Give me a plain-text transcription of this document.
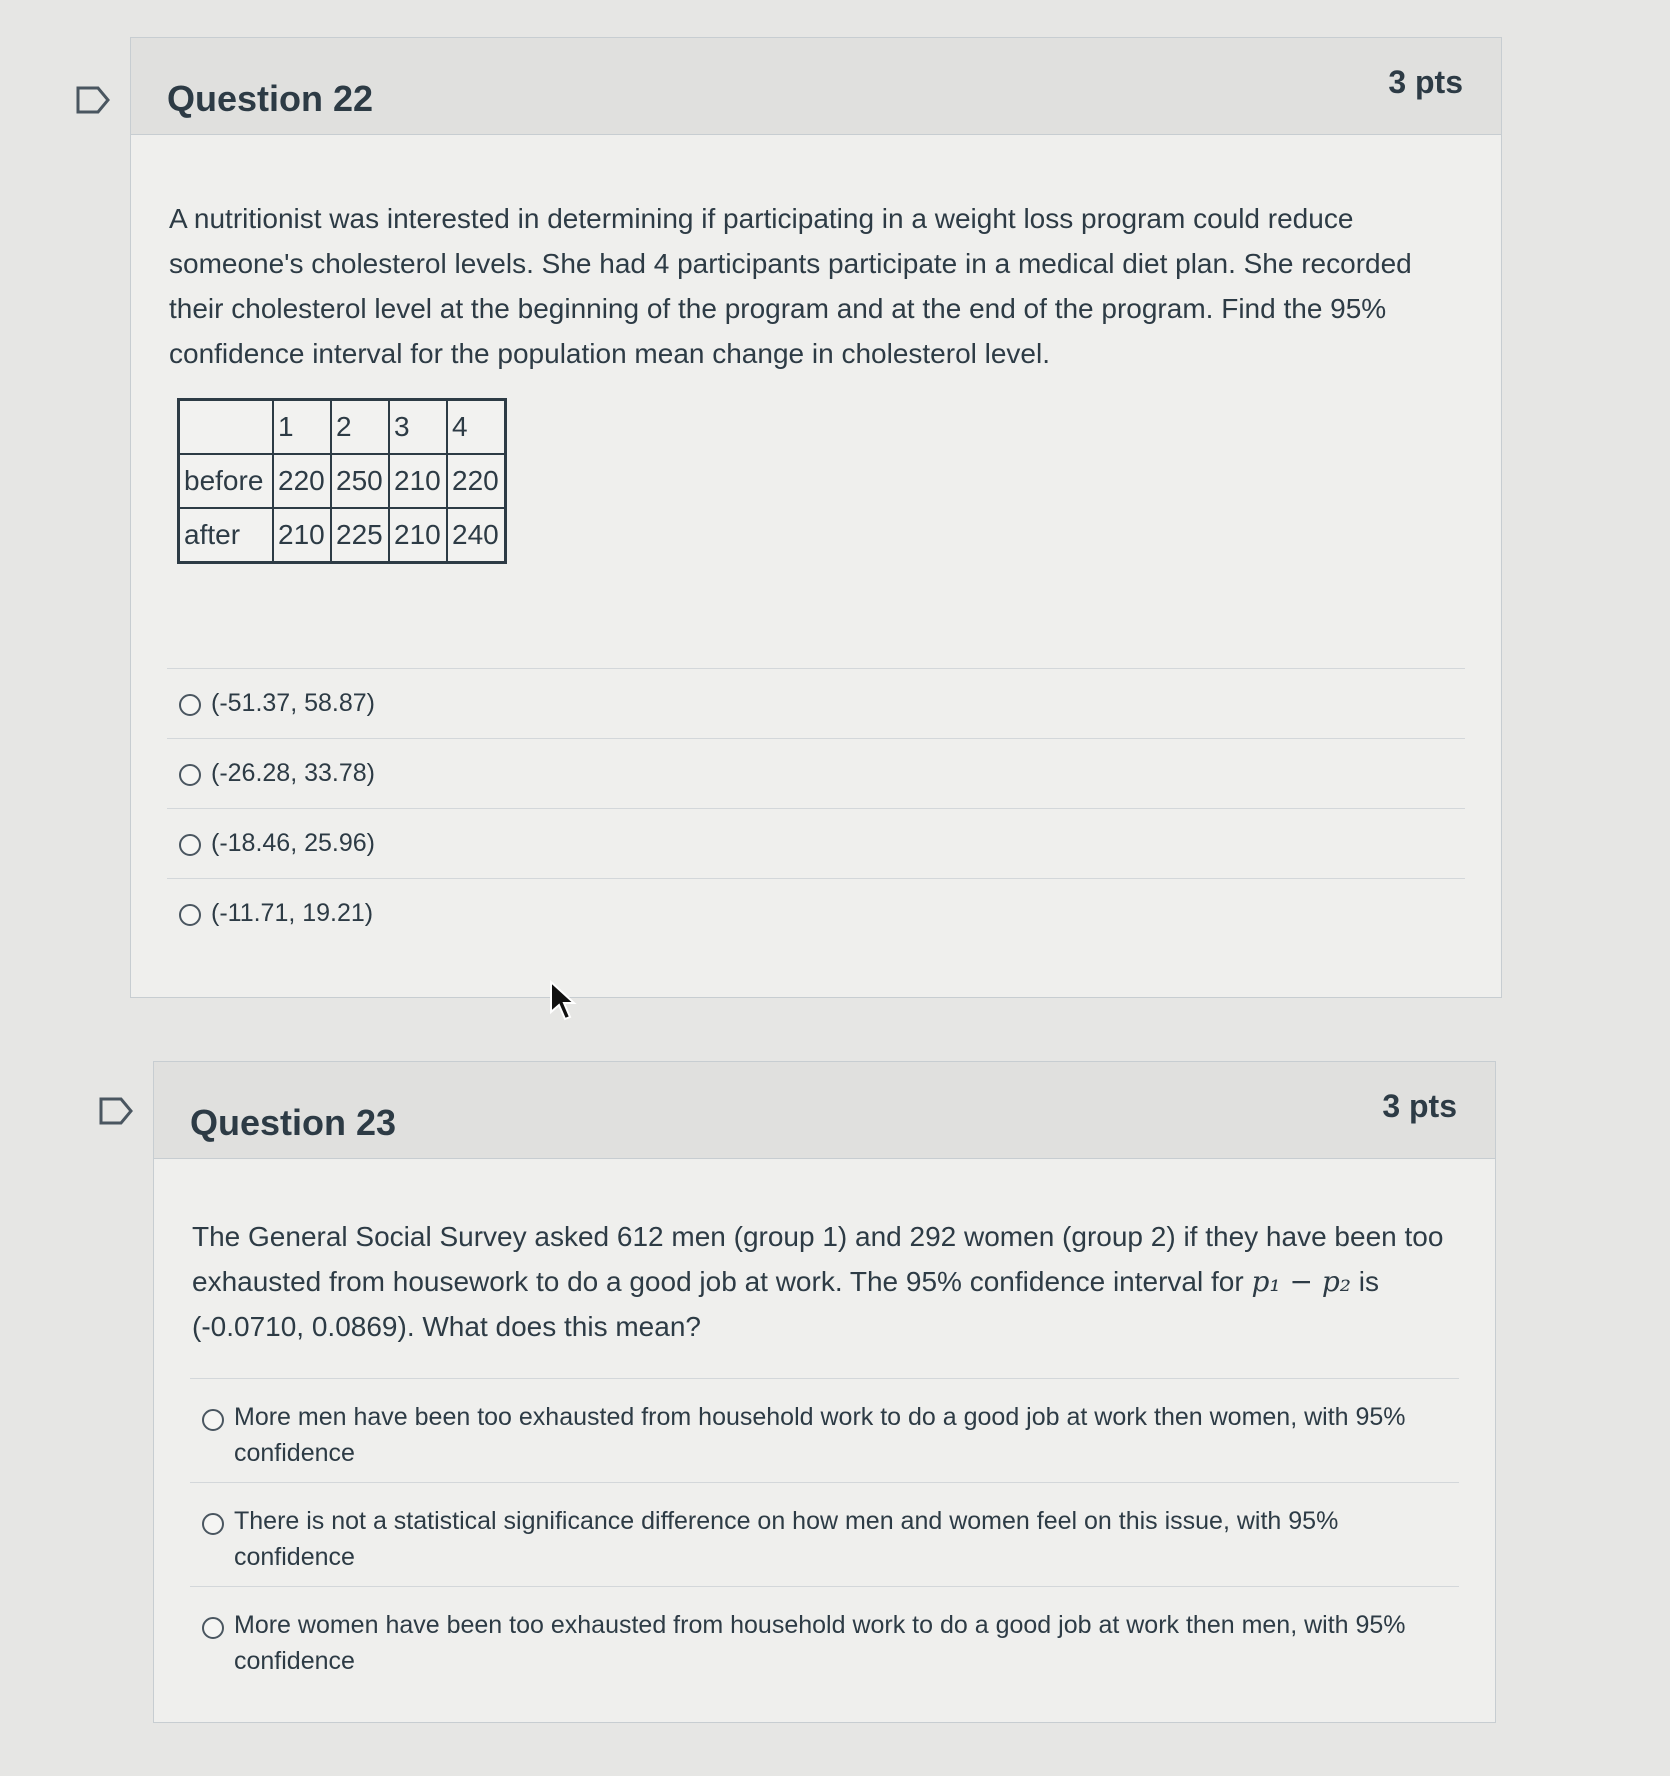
Question 22	3 pts
A nutritionist was interested in determining if participating in a weight loss program could reduce someone's cholesterol levels. She had 4 participants participate in a medical diet plan. She recorded their cholesterol level at the beginning of the program and at the end of the program. Find the 95% confidence interval for the population mean change in cholesterol level.
	1	2	3	4
before	220	250	210	220
after	210	225	210	240
(-51.37, 58.87)
(-26.28, 33.78)
(-18.46, 25.96)
(-11.71, 19.21)
Question 23	3 pts
The General Social Survey asked 612 men (group 1) and 292 women (group 2) if they have been too exhausted from housework to do a good job at work. The 95% confidence interval for p₁ − p₂ is (-0.0710, 0.0869). What does this mean?
More men have been too exhausted from household work to do a good job at work then women, with 95% confidence
There is not a statistical significance difference on how men and women feel on this issue, with 95% confidence
More women have been too exhausted from household work to do a good job at work then men, with 95% confidence
